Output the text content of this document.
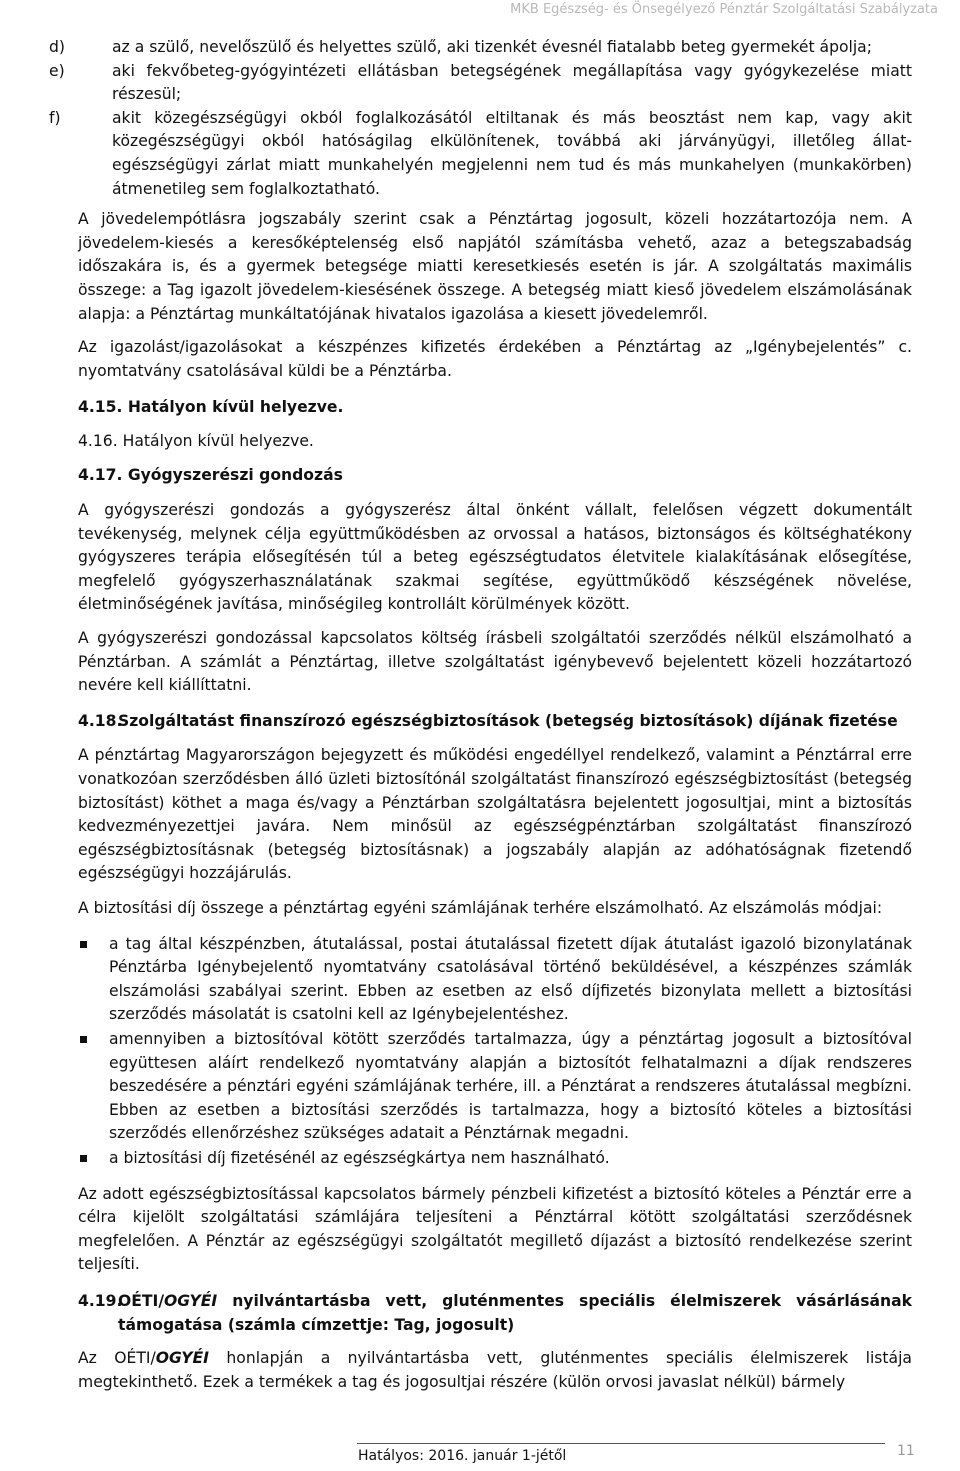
MKB Egészség- és Önsegélyező Pénztár Szolgáltatási Szabályzata
d)	az a szülő, nevelőszülő és helyettes szülő, aki tizenkét évesnél fiatalabb beteg gyermekét ápolja;
e)	aki fekvőbeteg-gyógyintézeti ellátásban betegségének megállapítása vagy gyógykezelése miatt részesül;
f)	akit közegészségügyi okból foglalkozásától eltiltanak és más beosztást nem kap, vagy akit közegészségügyi okból hatóságilag elkülönítenek, továbbá aki járványügyi, illetőleg állat-egészségügyi zárlat miatt munkahelyén megjelenni nem tud és más munkahelyen (munkakörben) átmenetileg sem foglalkoztatható.

A jövedelempótlásra jogszabály szerint csak a Pénztártag jogosult, közeli hozzátartozója nem. A jövedelem-kiesés a keresőképtelenség első napjától számításba vehető, azaz a betegszabadság időszakára is, és a gyermek betegsége miatti keresetkiesés esetén is jár. A szolgáltatás maximális összege: a Tag igazolt jövedelem-kiesésének összege. A betegség miatt kieső jövedelem elszámolásának alapja: a Pénztártag munkáltatójának hivatalos igazolása a kiesett jövedelemről.

Az igazolást/igazolásokat a készpénzes kifizetés érdekében a Pénztártag az „Igénybejelentés” c. nyomtatvány csatolásával küldi be a Pénztárba.

4.15. Hatályon kívül helyezve.

4.16. Hatályon kívül helyezve.

4.17. Gyógyszerészi gondozás

A gyógyszerészi gondozás a gyógyszerész által önként vállalt, felelősen végzett dokumentált tevékenység, melynek célja együttműködésben az orvossal a hatásos, biztonságos és költséghatékony gyógyszeres terápia elősegítésén túl a beteg egészségtudatos életvitele kialakításának elősegítése, megfelelő gyógyszerhasználatának szakmai segítése, együttműködő készségének növelése, életminőségének javítása, minőségileg kontrollált körülmények között.

A gyógyszerészi gondozással kapcsolatos költség írásbeli szolgáltatói szerződés nélkül elszámolható a Pénztárban. A számlát a Pénztártag, illetve szolgáltatást igénybevevő bejelentett közeli hozzátartozó nevére kell kiállíttatni.

4.18.
Szolgáltatást finanszírozó egészségbiztosítások (betegség biztosítások) díjának fizetése

A pénztártag Magyarországon bejegyzett és működési engedéllyel rendelkező, valamint a Pénztárral erre vonatkozóan szerződésben álló üzleti biztosítónál szolgáltatást finanszírozó egészségbiztosítást (betegség biztosítást) köthet a maga és/vagy a Pénztárban szolgáltatásra bejelentett jogosultjai, mint a biztosítás kedvezményezettjei javára. Nem minősül az egészségpénztárban szolgáltatást finanszírozó egészségbiztosításnak (betegség biztosításnak) a jogszabály alapján az adóhatóságnak fizetendő egészségügyi hozzájárulás.

A biztosítási díj összege a pénztártag egyéni számlájának terhére elszámolható. Az elszámolás módjai:

a tag által készpénzben, átutalással, postai átutalással fizetett díjak átutalást igazoló bizonylatának Pénztárba Igénybejelentő nyomtatvány csatolásával történő beküldésével, a készpénzes számlák elszámolási szabályai szerint. Ebben az esetben az első díjfizetés bizonylata mellett a biztosítási szerződés másolatát is csatolni kell az Igénybejelentéshez.
amennyiben a biztosítóval kötött szerződés tartalmazza, úgy a pénztártag jogosult a biztosítóval együttesen aláírt rendelkező nyomtatvány alapján a biztosítót felhatalmazni a díjak rendszeres beszedésére a pénztári egyéni számlájának terhére, ill. a Pénztárat a rendszeres átutalással megbízni. Ebben az esetben a biztosítási szerződés is tartalmazza, hogy a biztosító köteles a biztosítási szerződés ellenőrzéshez szükséges adatait a Pénztárnak megadni.
a biztosítási díj fizetésénél az egészségkártya nem használható.

Az adott egészségbiztosítással kapcsolatos bármely pénzbeli kifizetést a biztosító köteles a Pénztár erre a célra kijelölt szolgáltatási számlájára teljesíteni a Pénztárral kötött szolgáltatási szerződésnek megfelelően. A Pénztár az egészségügyi szolgáltatót megillető díjazást a biztosító rendelkezése szerint teljesíti.

4.19.
OÉTI/OGYÉI nyilvántartásba vett, gluténmentes speciális élelmiszerek vásárlásának támogatása (számla címzettje: Tag, jogosult)

Az OÉTI/OGYÉI honlapján a nyilvántartásba vett, gluténmentes speciális élelmiszerek listája megtekinthető. Ezek a termékek a tag és jogosultjai részére (külön orvosi javaslat nélkül) bármely

Hatályos: 2016. január 1-jétől	11
